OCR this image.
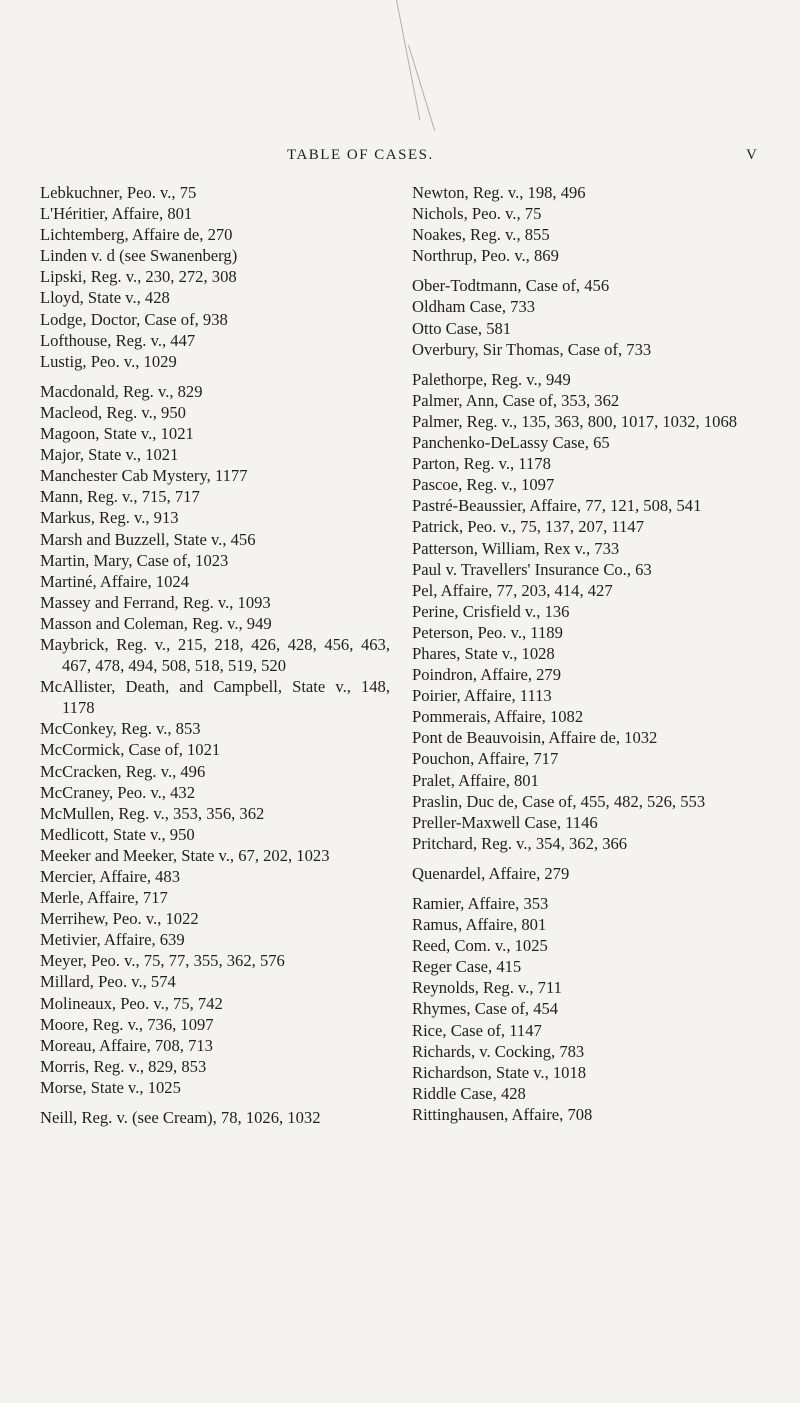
TABLE OF CASES.	V
Lebkuchner, Peo. v., 75
L'Héritier, Affaire, 801
Lichtemberg, Affaire de, 270
Linden v. d (see Swanenberg)
Lipski, Reg. v., 230, 272, 308
Lloyd, State v., 428
Lodge, Doctor, Case of, 938
Lofthouse, Reg. v., 447
Lustig, Peo. v., 1029
Macdonald, Reg. v., 829
Macleod, Reg. v., 950
Magoon, State v., 1021
Major, State v., 1021
Manchester Cab Mystery, 1177
Mann, Reg. v., 715, 717
Markus, Reg. v., 913
Marsh and Buzzell, State v., 456
Martin, Mary, Case of, 1023
Martiné, Affaire, 1024
Massey and Ferrand, Reg. v., 1093
Masson and Coleman, Reg. v., 949
Maybrick, Reg. v., 215, 218, 426, 428, 456, 463, 467, 478, 494, 508, 518, 519, 520
McAllister, Death, and Campbell, State v., 148, 1178
McConkey, Reg. v., 853
McCormick, Case of, 1021
McCracken, Reg. v., 496
McCraney, Peo. v., 432
McMullen, Reg. v., 353, 356, 362
Medlicott, State v., 950
Meeker and Meeker, State v., 67, 202, 1023
Mercier, Affaire, 483
Merle, Affaire, 717
Merrihew, Peo. v., 1022
Metivier, Affaire, 639
Meyer, Peo. v., 75, 77, 355, 362, 576
Millard, Peo. v., 574
Molineaux, Peo. v., 75, 742
Moore, Reg. v., 736, 1097
Moreau, Affaire, 708, 713
Morris, Reg. v., 829, 853
Morse, State v., 1025
Neill, Reg. v. (see Cream), 78, 1026, 1032
Newton, Reg. v., 198, 496
Nichols, Peo. v., 75
Noakes, Reg. v., 855
Northrup, Peo. v., 869
Ober-Todtmann, Case of, 456
Oldham Case, 733
Otto Case, 581
Overbury, Sir Thomas, Case of, 733
Palethorpe, Reg. v., 949
Palmer, Ann, Case of, 353, 362
Palmer, Reg. v., 135, 363, 800, 1017, 1032, 1068
Panchenko-DeLassy Case, 65
Parton, Reg. v., 1178
Pascoe, Reg. v., 1097
Pastré-Beaussier, Affaire, 77, 121, 508, 541
Patrick, Peo. v., 75, 137, 207, 1147
Patterson, William, Rex v., 733
Paul v. Travellers' Insurance Co., 63
Pel, Affaire, 77, 203, 414, 427
Perine, Crisfield v., 136
Peterson, Peo. v., 1189
Phares, State v., 1028
Poindron, Affaire, 279
Poirier, Affaire, 1113
Pommerais, Affaire, 1082
Pont de Beauvoisin, Affaire de, 1032
Pouchon, Affaire, 717
Pralet, Affaire, 801
Praslin, Duc de, Case of, 455, 482, 526, 553
Preller-Maxwell Case, 1146
Pritchard, Reg. v., 354, 362, 366
Quenardel, Affaire, 279
Ramier, Affaire, 353
Ramus, Affaire, 801
Reed, Com. v., 1025
Reger Case, 415
Reynolds, Reg. v., 711
Rhymes, Case of, 454
Rice, Case of, 1147
Richards, v. Cocking, 783
Richardson, State v., 1018
Riddle Case, 428
Rittinghausen, Affaire, 708
